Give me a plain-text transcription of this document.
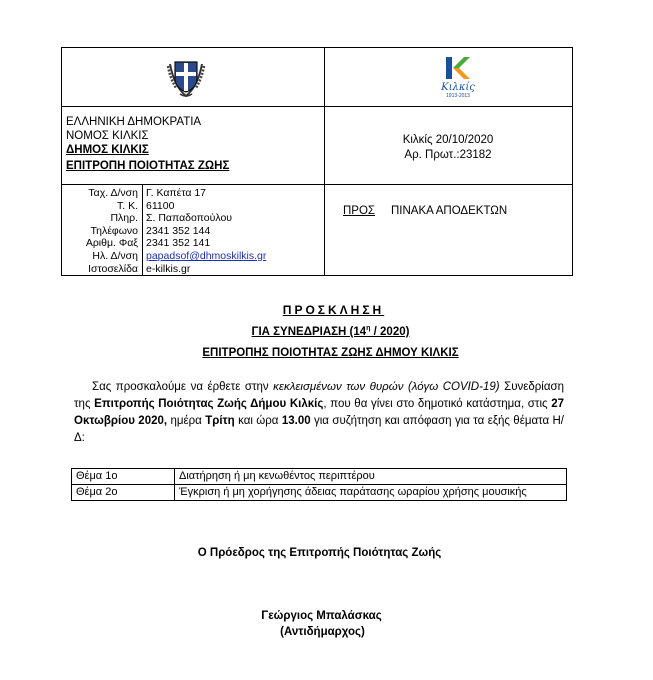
Κιλκίς
1913-2013
ΕΛΛΗΝΙΚΗ ΔΗΜΟΚΡΑΤΙΑ
ΝΟΜΟΣ ΚΙΛΚΙΣ
ΔΗΜΟΣ ΚΙΛΚΙΣ
ΕΠΙΤΡΟΠΗ ΠΟΙΟΤΗΤΑΣ ΖΩΗΣ
Κιλκίς 20/10/2020
Αρ. Πρωτ.:23182
Ταχ. Δ/νση	Γ. Καπέτα 17
Τ. Κ.	61100
Πληρ.	Σ. Παπαδοπούλου
Τηλέφωνο	2341 352 144
Αριθμ. Φαξ	2341 352 141
Ηλ. Δ/νση	papadsof@dhmoskilkis.gr
Ιστοσελίδα	e-kilkis.gr
ΠΡΟΣ ΠΙΝΑΚΑ ΑΠΟΔΕΚΤΩΝ
ΠΡΟΣΚΛΗΣΗ
ΓΙΑ ΣΥΝΕΔΡΙΑΣΗ $(14^\eta / 2020)$
ΕΠΙΤΡΟΠΗΣ ΠΟΙΟΤΗΤΑΣ ΖΩΗΣ ΔΗΜΟΥ ΚΙΛΚΙΣ
Σας προσκαλούμε να έρθετε στην κεκλεισμένων των θυρών (λόγω COVID-19) Συνεδρίαση της Επιτροπής Ποιότητας Ζωής Δήμου Κιλκίς, που θα γίνει στο δημοτικό κατάστημα, στις 27 Οκτωβρίου 2020, ημέρα Τρίτη και ώρα 13.00 για συζήτηση και απόφαση για τα εξής θέματα Η/Δ:
Θέμα 1ο	Διατήρηση ή μη κενωθέντος περιπτέρου
Θέμα 2ο	Έγκριση ή μη χορήγησης άδειας παράτασης ωραρίου χρήσης μουσικής
Ο Πρόεδρος της Επιτροπής Ποιότητας Ζωής
Γεώργιος Μπαλάσκας
(Αντιδήμαρχος)
